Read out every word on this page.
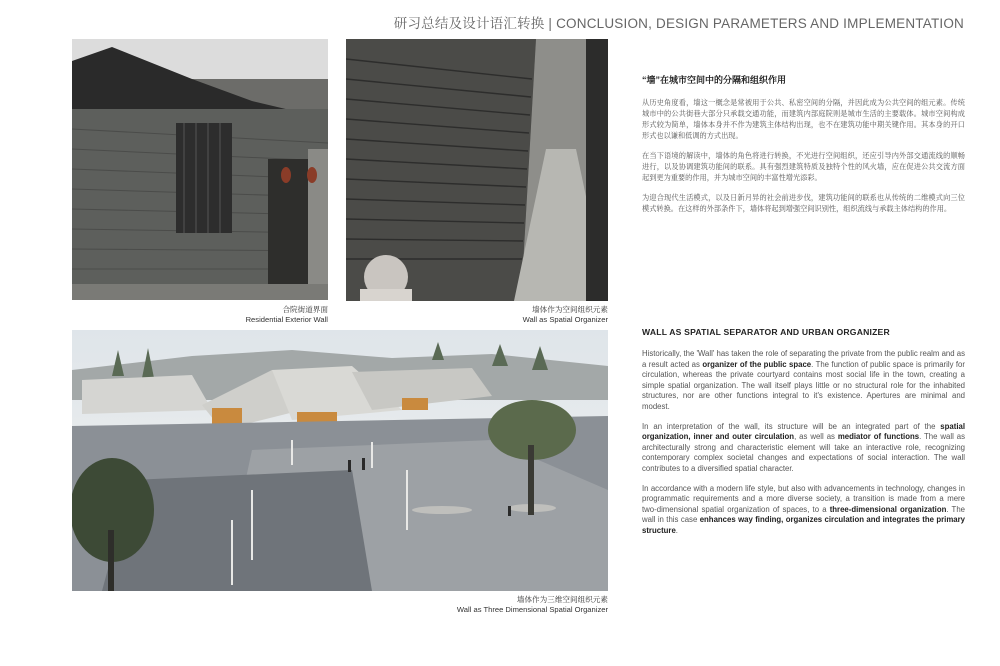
研习总结及设计语汇转换 | CONCLUSION, DESIGN PARAMETERS AND IMPLEMENTATION
合院街道界面
Residential Exterior Wall
墙体作为空间组织元素
Wall as Spatial Organizer
墙体作为三维空间组织元素
Wall as Three Dimensional Spatial Organizer
“墙”在城市空间中的分隔和组织作用

从历史角度看，墙这一概念是常被用于公共、私密空间的分隔，并因此成为公共空间的组元素。传统城市中的公共街巷大部分只承载交通功能，而建筑内部庭院则是城市生活的主要载体。城市空间构成形式较为简单，墙体本身并不作为建筑主体结构出现，也不在建筑功能中期关键作用。其本身的开口形式也以谦和低调的方式出现。

在当下语境的解读中，墙体的角色将进行转换，不光进行空间组织，还应引导内外部交通流线的顺畅进行，以及协调建筑功能间的联系。具有强烈建筑特质及独特个性的风火墙，应在促进公共交流方面起到更为重要的作用，并为城市空间的丰富性增光添彩。

为迎合现代生活模式，以及日新月异的社会前进步伐，建筑功能间的联系也从传统的二维模式向三位模式转换。在这样的外部条件下，墙体将起到增强空间识别性，组织流线与承载主体结构的作用。

WALL AS SPATIAL SEPARATOR AND URBAN ORGANIZER

Historically, the 'Wall' has taken the role of separating the private from the public realm and as a result acted as organizer of the public space. The function of public space is primarily for circulation, whereas the private courtyard contains most social life in the town, creating a simple spatial organization. The wall itself plays little or no structural role for the inhabited structures, nor are other functions integral to it's existence. Apertures are minimal and modest.

In an interpretation of the wall, its structure will be an integrated part of the spatial organization, inner and outer circulation, as well as mediator of functions. The wall as architecturally strong and characteristic element will take an interactive role, recognizing contemporary complex societal changes and expectations of social interaction. The wall contributes to a diversified spatial character.

In accordance with a modern life style, but also with advancements in technology, changes in programmatic requirements and a more diverse society, a transition is made from a mere two-dimensional spatial organization of spaces, to a three-dimensional organization. The wall in this case enhances way finding, organizes circulation and integrates the primary structure.
